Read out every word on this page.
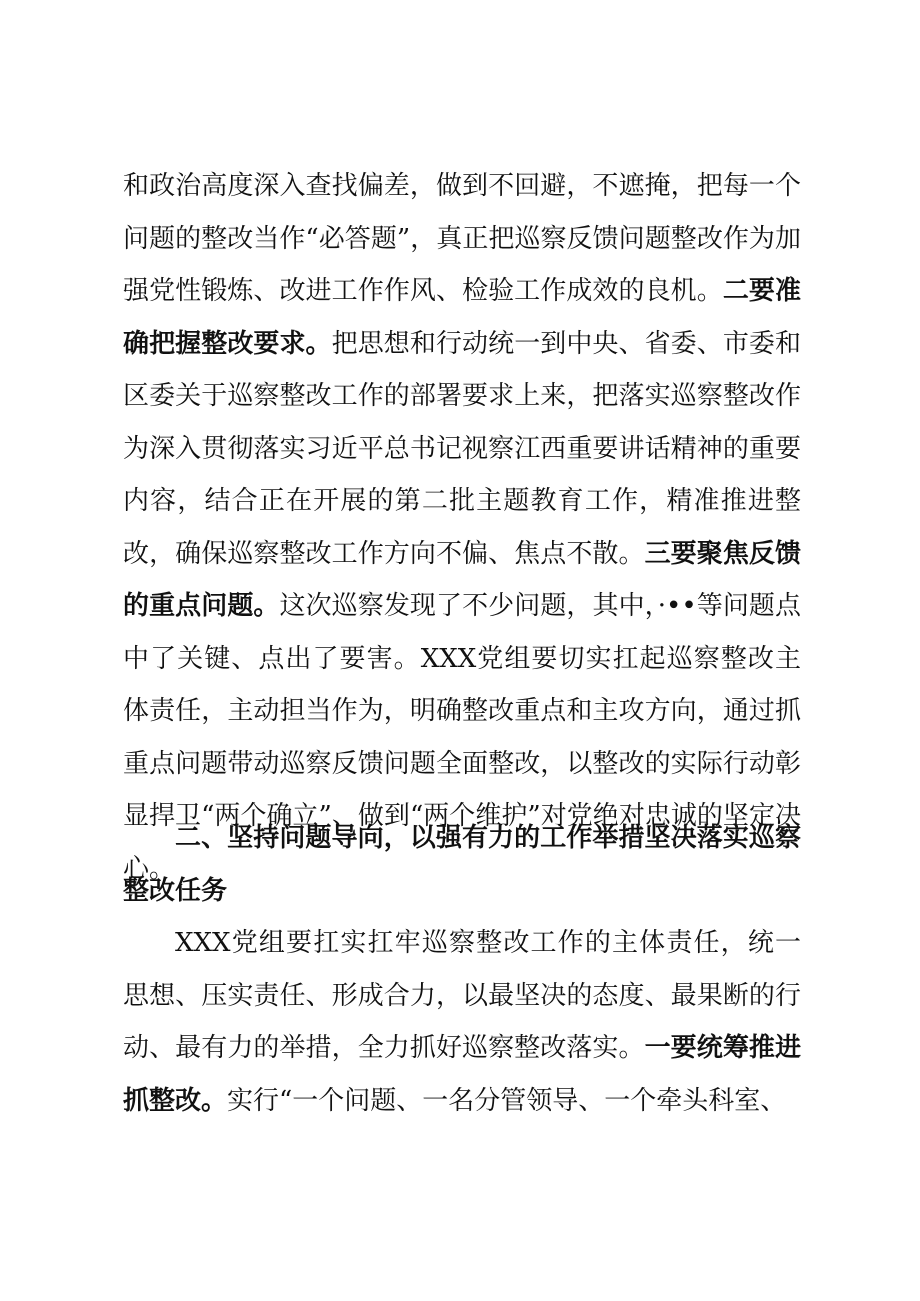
和政治高度深入查找偏差，做到不回避，不遮掩，把每一个问题的整改当作“必答题”，真正把巡察反馈问题整改作为加强党性锻炼、改进工作作风、检验工作成效的良机。二要准确把握整改要求。把思想和行动统一到中央、省委、市委和区委关于巡察整改工作的部署要求上来，把落实巡察整改作为深入贯彻落实习近平总书记视察江西重要讲话精神的重要内容，结合正在开展的第二批主题教育工作，精准推进整改，确保巡察整改工作方向不偏、焦点不散。三要聚焦反馈的重点问题。这次巡察发现了不少问题，其中，·••等问题点中了关键、点出了要害。XXX党组要切实扛起巡察整改主体责任，主动担当作为，明确整改重点和主攻方向，通过抓重点问题带动巡察反馈问题全面整改，以整改的实际行动彰显捍卫“两个确立”、做到“两个维护”对党绝对忠诚的坚定决心。

二、坚持问题导向，以强有力的工作举措坚决落实巡察整改任务

XXX党组要扛实扛牢巡察整改工作的主体责任，统一思想、压实责任、形成合力，以最坚决的态度、最果断的行动、最有力的举措，全力抓好巡察整改落实。一要统筹推进抓整改。实行“一个问题、一名分管领导、一个牵头科室、
